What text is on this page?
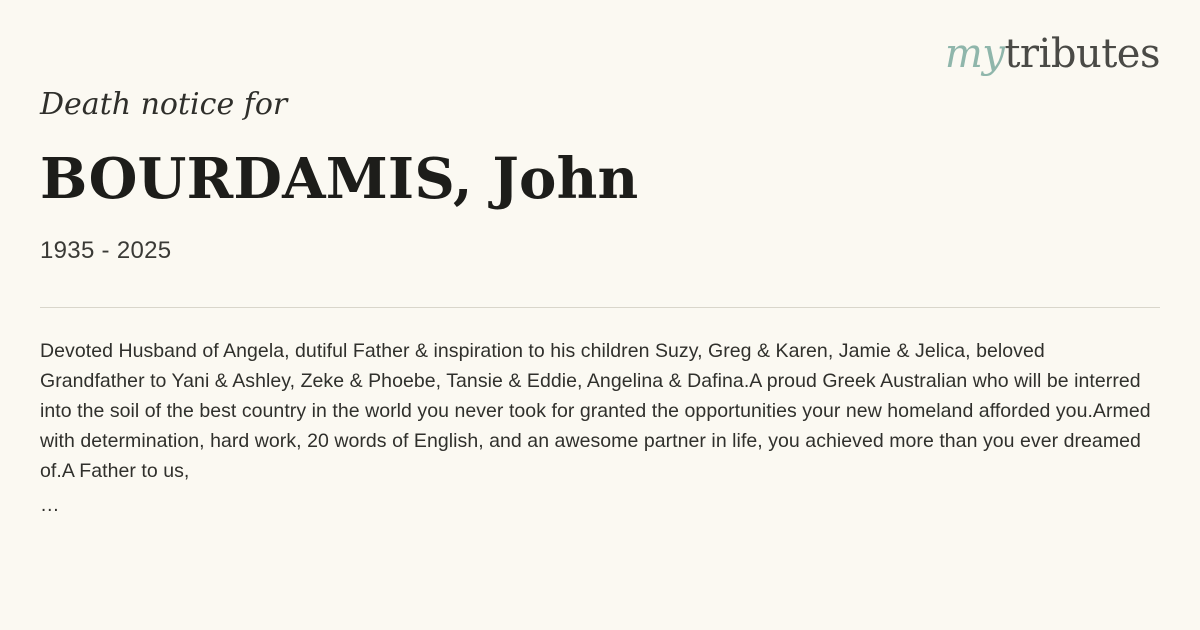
mytributes

Death notice for

BOURDAMIS, John

1935 - 2025

Devoted Husband of Angela, dutiful Father & inspiration to his children Suzy, Greg & Karen, Jamie & Jelica, beloved Grandfather to Yani & Ashley, Zeke & Phoebe, Tansie & Eddie, Angelina & Dafina.A proud Greek Australian who will be interred into the soil of the best country in the world you never took for granted the opportunities your new homeland afforded you.Armed with determination, hard work, 20 words of English, and an awesome partner in life, you achieved more than you ever dreamed of.A Father to us,

…
